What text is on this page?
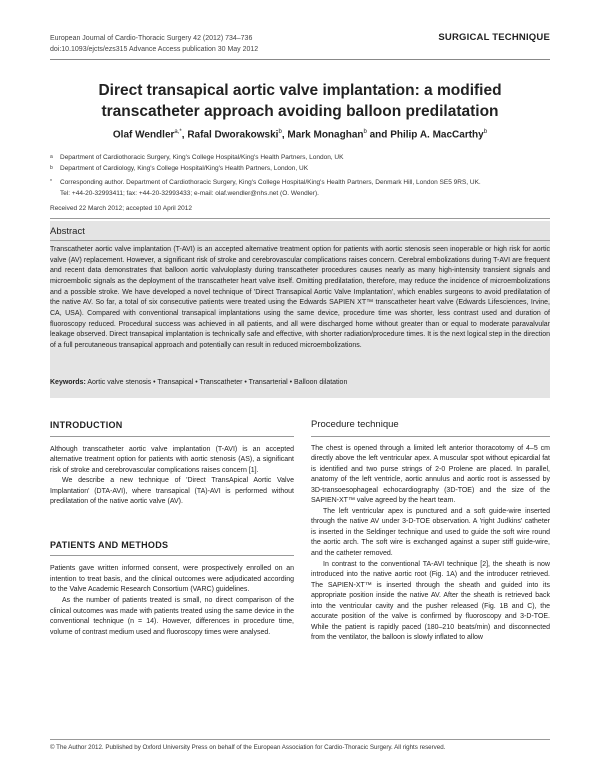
European Journal of Cardio-Thoracic Surgery 42 (2012) 734–736
doi:10.1093/ejcts/ezs315 Advance Access publication 30 May 2012
SURGICAL TECHNIQUE
Direct transapical aortic valve implantation: a modified transcatheter approach avoiding balloon predilatation
Olaf Wendler$^{a,*}$, Rafal Dworakowski$^b$, Mark Monaghan$^b$ and Philip A. MacCarthy$^b$
$^a$	Department of Cardiothoracic Surgery, King's College Hospital/King's Health Partners, London, UK
$^b$	Department of Cardiology, King's College Hospital/King's Health Partners, London, UK
*	Corresponding author. Department of Cardiothoracic Surgery, King's College Hospital/King's Health Partners, Denmark Hill, London SE5 9RS, UK.
Tel: +44-20-32993411; fax: +44-20-32993433; e-mail: olaf.wendler@nhs.net (O. Wendler).
Received 22 March 2012; accepted 10 April 2012
Abstract
Transcatheter aortic valve implantation (T-AVI) is an accepted alternative treatment option for patients with aortic stenosis seen inoperable or high risk for aortic valve (AV) replacement. However, a significant risk of stroke and cerebrovascular complications raises concern. Cerebral embolizations during T-AVI are frequent and recent data demonstrates that balloon aortic valvuloplasty during transcatheter procedures causes nearly as many high-intensity transient signals and microembolic signals as the deployment of the transcatheter heart valve itself. Omitting predilatation, therefore, may reduce the incidence of microembolizations and a possible stroke. We have developed a novel technique of 'Direct Transapical Aortic Valve Implantation', which enables surgeons to avoid predilatation of the native AV. So far, a total of six consecutive patients were treated using the Edwards SAPIEN XT™ transcatheter heart valve (Edwards Lifesciences, Irvine, CA, USA). Compared with conventional transapical implantations using the same device, procedure time was shorter, less contrast used and duration of fluoroscopy reduced. Procedural success was achieved in all patients, and all were discharged home without greater than or equal to moderate paravalvular leakage observed. Direct transapical implantation is technically safe and effective, with shorter radiation/procedure times. It is the next logical step in the direction of a full percutaneous transapical approach and potentially can result in reduced microembolizations.
Keywords: Aortic valve stenosis • Transapical • Transcatheter • Transarterial • Balloon dilatation
INTRODUCTION

Although transcatheter aortic valve implantation (T-AVI) is an accepted alternative treatment option for patients with aortic stenosis (AS), a significant risk of stroke and cerebrovascular complications raises concern [1].

We describe a new technique of 'Direct TransApical Aortic Valve Implantation' (DTA-AVI), where transapical (TA)-AVI is performed without predilatation of the native aortic valve (AV).

PATIENTS AND METHODS

Patients gave written informed consent, were prospectively enrolled on an intention to treat basis, and the clinical outcomes were adjudicated according to the Valve Academic Research Consortium (VARC) guidelines.

As the number of patients treated is small, no direct comparison of the clinical outcomes was made with patients treated using the same device in the conventional technique (n = 14). However, differences in procedure time, volume of contrast medium used and fluoroscopy times were analysed.

Procedure technique

The chest is opened through a limited left anterior thoracotomy of 4–5 cm directly above the left ventricular apex. A muscular spot without epicardial fat is identified and two purse strings of 2-0 Prolene are placed. In parallel, anatomy of the left ventricle, aortic annulus and aortic root is assessed by 3D-transoesophageal echocardiography (3D-TOE) and the size of the SAPIEN-XT™ valve agreed by the heart team.

The left ventricular apex is punctured and a soft guide-wire inserted through the native AV under 3-D-TOE observation. A 'right Judkins' catheter is inserted in the Seldinger technique and used to guide the soft wire round the aortic arch. The soft wire is exchanged against a super stiff guide-wire, and the catheter removed.

In contrast to the conventional TA-AVI technique [2], the sheath is now introduced into the native aortic root (Fig. 1A) and the introducer retrieved. The SAPIEN-XT™ is inserted through the sheath and guided into its appropriate position inside the native AV. After the sheath is retrieved back into the ventricular cavity and the pusher released (Fig. 1B and C), the accurate position of the valve is confirmed by fluoroscopy and 3-D-TOE. While the patient is rapidly paced (180–210 beats/min) and disconnected from the ventilator, the balloon is slowly inflated to allow

© The Author 2012. Published by Oxford University Press on behalf of the European Association for Cardio-Thoracic Surgery. All rights reserved.
